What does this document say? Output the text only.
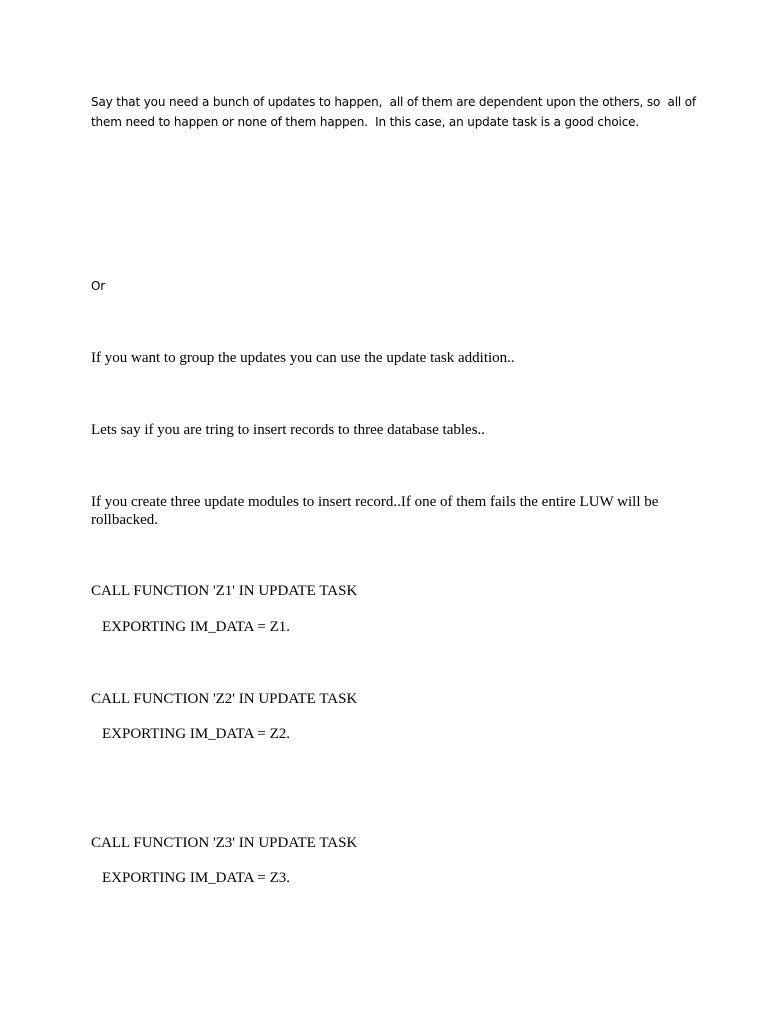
Say that you need a bunch of updates to happen,  all of them are dependent upon the others, so  all of
them need to happen or none of them happen.  In this case, an update task is a good choice.
Or
If you want to group the updates you can use the update task addition..
Lets say if you are tring to insert records to three database tables..
If you create three update modules to insert record..If one of them fails the entire LUW will be
rollbacked.
CALL FUNCTION 'Z1' IN UPDATE TASK
EXPORTING IM_DATA = Z1.
CALL FUNCTION 'Z2' IN UPDATE TASK
EXPORTING IM_DATA = Z2.
CALL FUNCTION 'Z3' IN UPDATE TASK
EXPORTING IM_DATA = Z3.
